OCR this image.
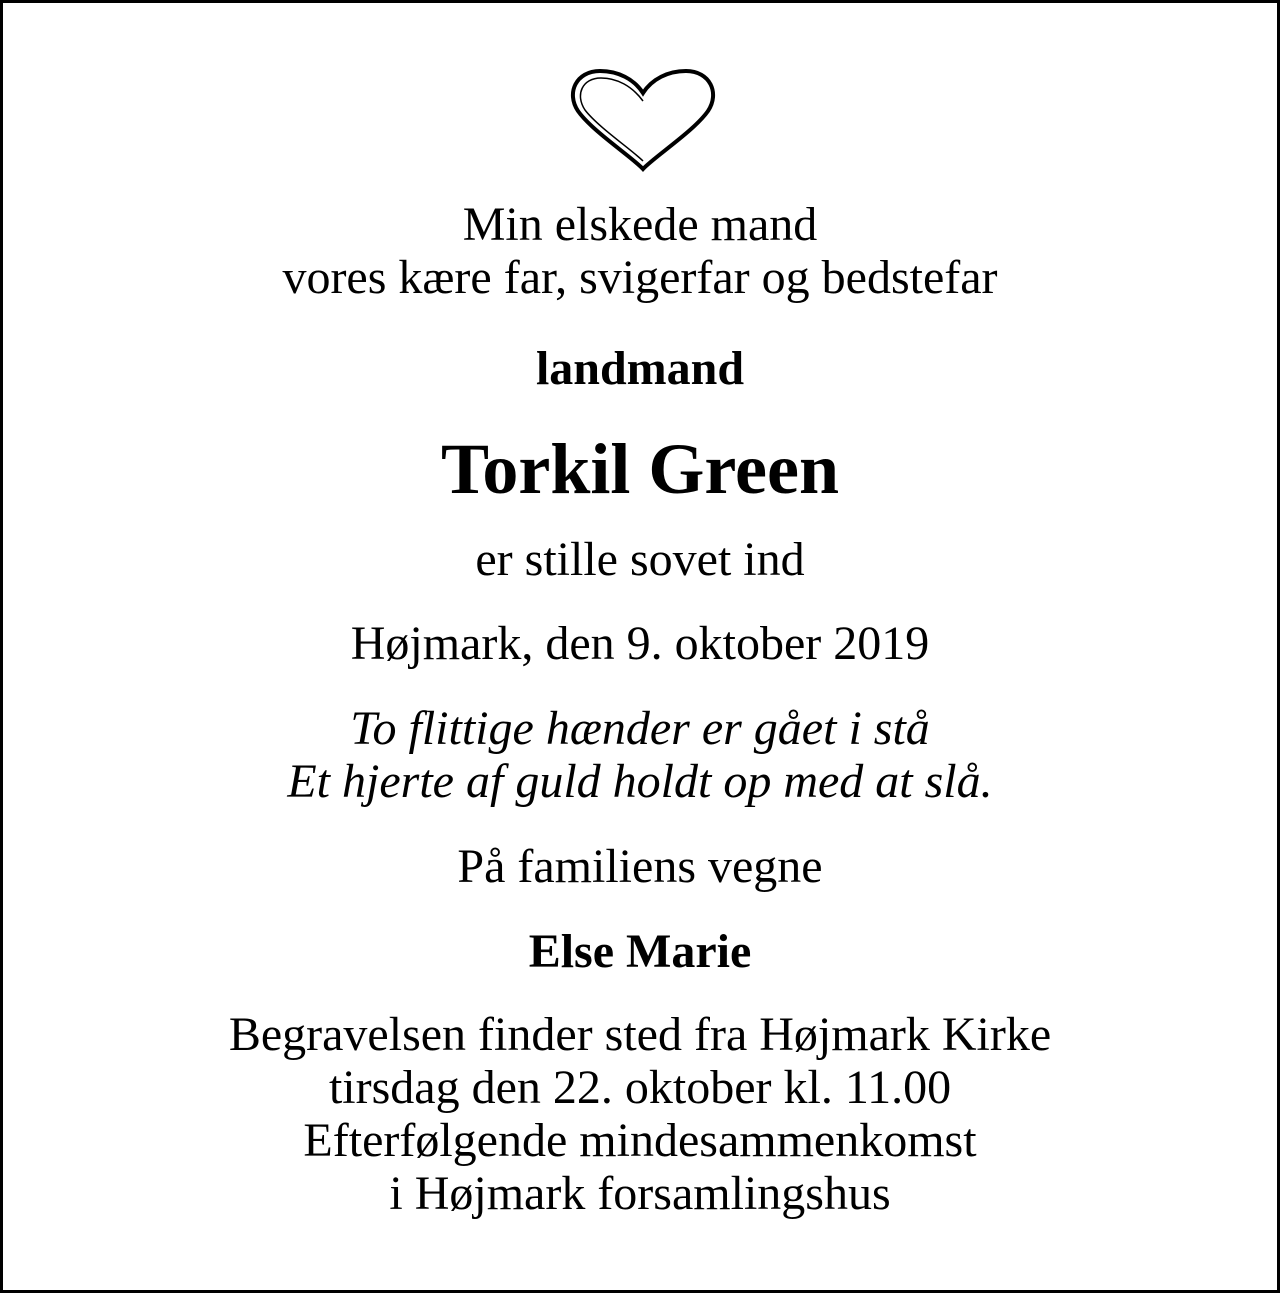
Min elskede mand
vores kære far, svigerfar og bedstefar
landmand
Torkil Green
er stille sovet ind
Højmark, den 9. oktober 2019
To flittige hænder er gået i stå
Et hjerte af guld holdt op med at slå.
På familiens vegne
Else Marie
Begravelsen finder sted fra Højmark Kirke
tirsdag den 22. oktober kl. 11.00
Efterfølgende mindesammenkomst
i Højmark forsamlingshus
